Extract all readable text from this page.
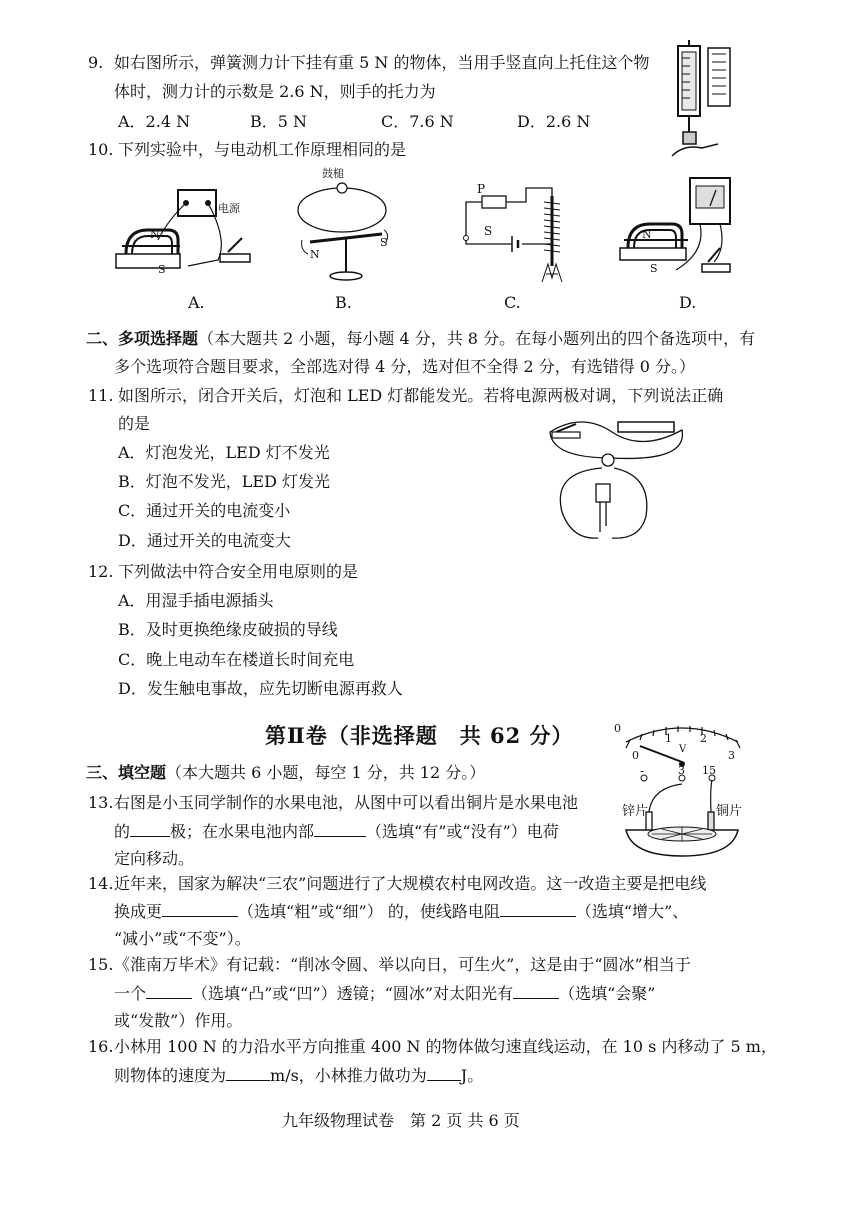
9. 如右图所示，弹簧测力计下挂有重 5 N 的物体，当用手竖直向上托住这个物
体时，测力计的示数是 2.6 N，则手的托力为
A．2.4 N	B．5 N	C．7.6 N	D．2.6 N
10. 下列实验中，与电动机工作原理相同的是
电源
N
S
鼓槌
N
S
P
S	N
S
A.	B.	C.	D.
二、多项选择题（本大题共 2 小题，每小题 4 分，共 8 分。在每小题列出的四个备选项中，有
多个选项符合题目要求，全部选对得 4 分，选对但不全得 2 分，有选错得 0 分。）
11. 如图所示，闭合开关后，灯泡和 LED 灯都能发光。若将电源两极对调，下列说法正确
的是
A．灯泡发光，LED 灯不发光
B．灯泡不发光，LED 灯发光
C．通过开关的电流变小
D．通过开关的电流变大
12. 下列做法中符合安全用电原则的是
A．用湿手插电源插头
B．及时更换绝缘皮破损的导线
C．晚上电动车在楼道长时间充电
D．发生触电事故，应先切断电源再救人
第Ⅱ卷（非选择题　共 62 分）
三、填空题（本大题共 6 小题，每空 1 分，共 12 分。）
0
0
1	2
3
V
-	3 15
锌片	铜片
13. 右图是小玉同学制作的水果电池，从图中可以看出铜片是水果电池
的	极；在水果电池内部	（选填“有”或“没有”）电荷
定向移动。
14. 近年来，国家为解决“三农”问题进行了大规模农村电网改造。这一改造主要是把电线
换成更	（选填“粗”或“细”） 的，使线路电阻	（选填“增大”、
“减小”或“不变”）。
15. 《淮南万毕术》有记载：“削冰令圆、举以向日，可生火”，这是由于“圆冰”相当于
一个	（选填“凸”或“凹”）透镜；“圆冰”对太阳光有	（选填“会聚”
或“发散”）作用。
16. 小林用 100 N 的力沿水平方向推重 400 N 的物体做匀速直线运动，在 10 s 内移动了 5 m，
则物体的速度为	m/s，小林推力做功为 J。
九年级物理试卷　第 2 页 共 6 页
